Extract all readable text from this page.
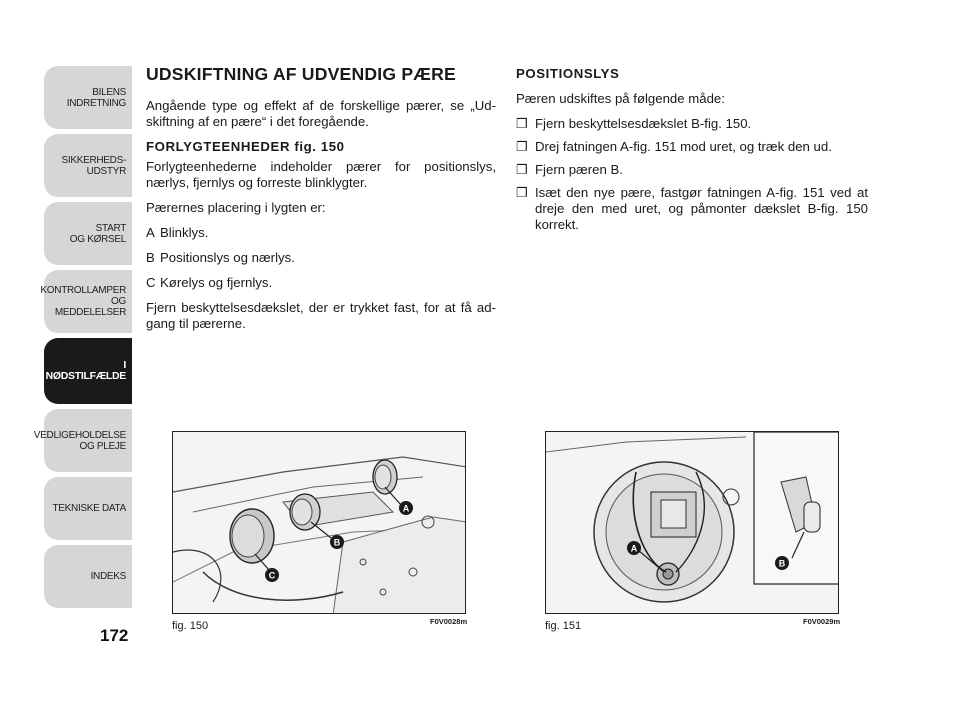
BILENS
INDRETNING
SIKKERHEDS-
UDSTYR
START
OG KØRSEL
KONTROLLAMPER
OG MEDDELELSER
I NØDSTILFÆLDE
VEDLIGEHOLDELSE
OG PLEJE
TEKNISKE DATA
INDEKS
172
UDSKIFTNING AF UDVENDIG PÆRE

Angående type og effekt af de forskellige pærer, se „Ud-skiftning af en pære“ i det foregående.

FORLYGTEENHEDER fig. 150

Forlygteenhederne indeholder pærer for positionslys, nærlys, fjernlys og forreste blinklygter.

Pærernes placering i lygten er:

A Blinklys.
B Positionslys og nærlys.
C Kørelys og fjernlys.

Fjern beskyttelsesdækslet, der er trykket fast, for at få ad-gang til pærerne.

POSITIONSLYS

Pæren udskiftes på følgende måde:

❒ Fjern beskyttelsesdækslet B-fig. 150.
❒ Drej fatningen A-fig. 151 mod uret, og træk den ud.
❒ Fjern pæren B.
❒ Isæt den nye pære, fastgør fatningen A-fig. 151 ved at dreje den med uret, og påmonter dækslet B-fig. 150 korrekt.
A
B
C
fig. 150	F0V0028m
A
B
fig. 151	F0V0029m
